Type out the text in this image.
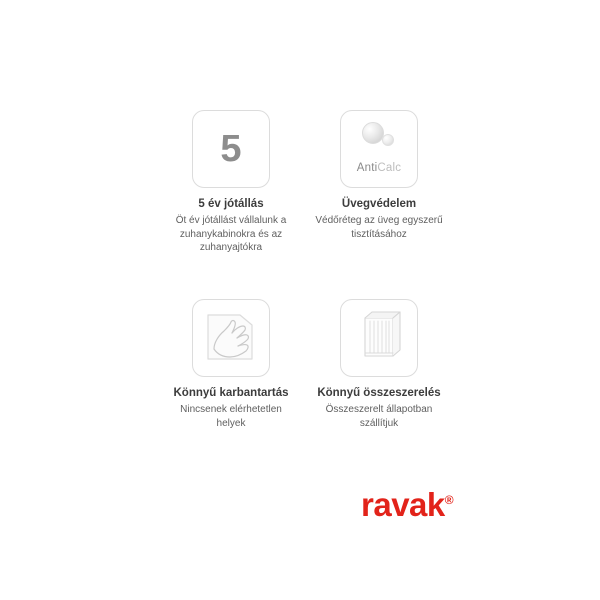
5
5 év jótállás
Öt év jótállást vállalunk a zuhanykabinokra és az zuhanyajtókra
AntiCalc
Üvegvédelem
Védőréteg az üveg egyszerű tisztításához
Könnyű karbantartás
Nincsenek elérhetetlen helyek
Könnyű összeszerelés
Összeszerelt állapotban szállítjuk
ravak®
